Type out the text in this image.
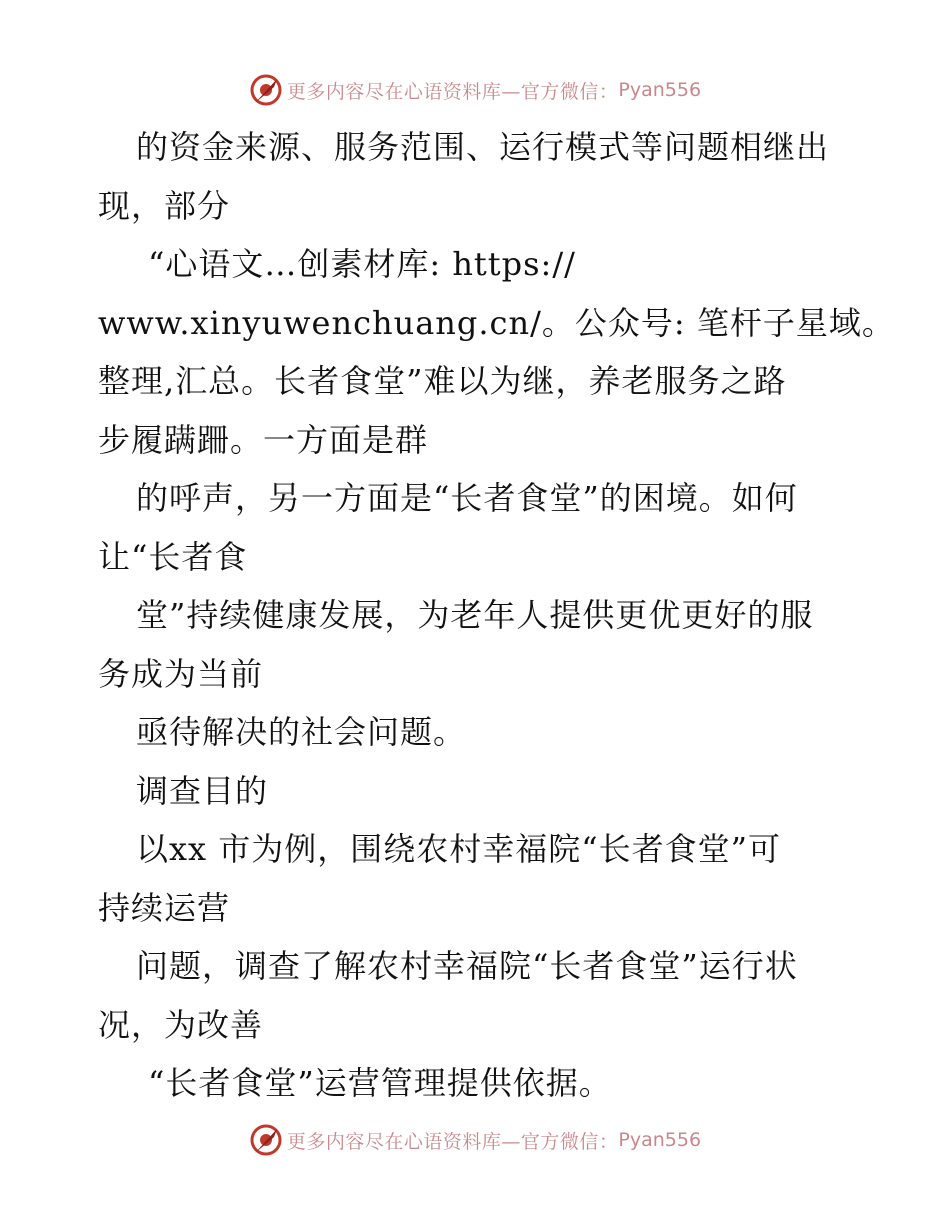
更多内容尽在心语资料库—官方微信： Pyan556
的资金来源、服务范围、运行模式等问题相继出
现，部分
“心语文…创素材库: https://
www.xinyuwenchuang.cn/。公众号: 笔杆子星域。
整理,汇总。长者食堂”难以为继，养老服务之路
步履蹒跚。一方面是群
的呼声，另一方面是“长者食堂”的困境。如何
让“长者食
堂”持续健康发展，为老年人提供更优更好的服
务成为当前
亟待解决的社会问题。
调查目的
以xx 市为例，围绕农村幸福院“长者食堂”可
持续运营
问题，调查了解农村幸福院“长者食堂”运行状
况，为改善
“长者食堂”运营管理提供依据。
更多内容尽在心语资料库—官方微信： Pyan556
